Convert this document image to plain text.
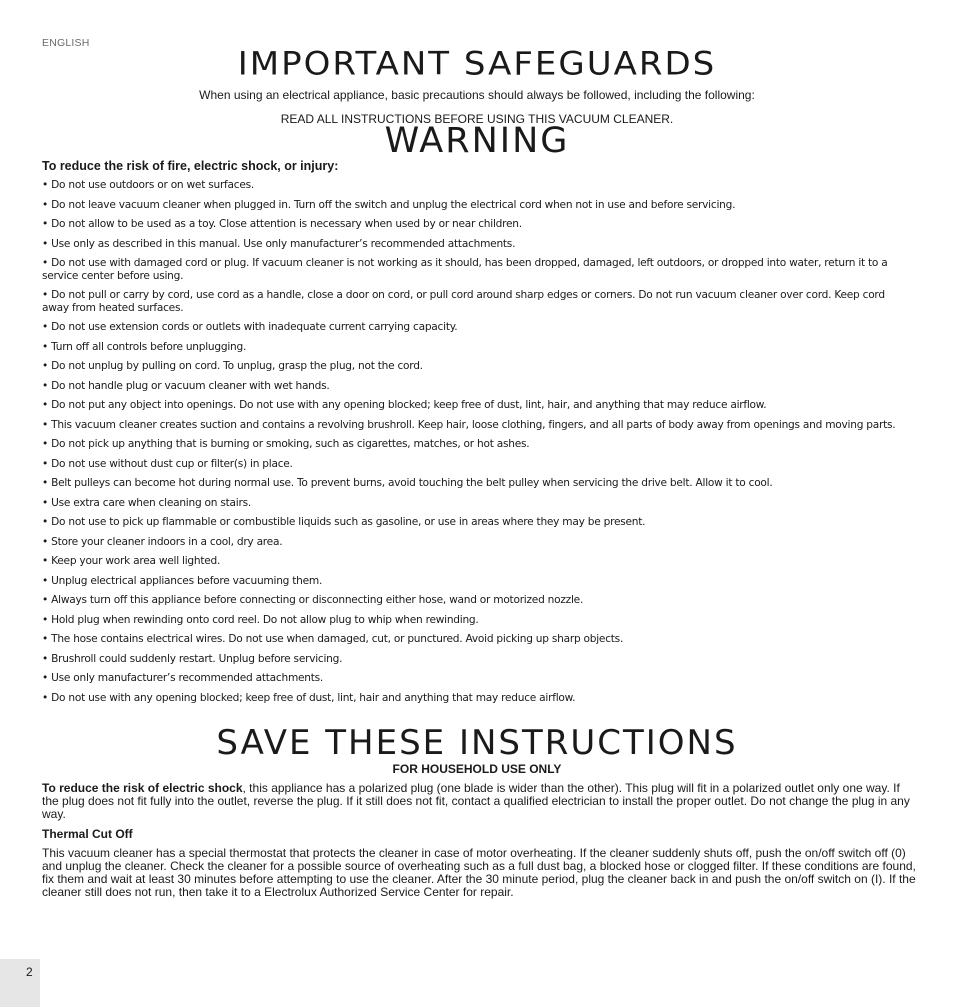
ENGLISH
IMPORTANT SAFEGUARDS
When using an electrical appliance, basic precautions should always be followed, including the following:
READ ALL INSTRUCTIONS BEFORE USING THIS VACUUM CLEANER.
WARNING
To reduce the risk of fire, electric shock, or injury:
• Do not use outdoors or on wet surfaces.
• Do not leave vacuum cleaner when plugged in. Turn off the switch and unplug the electrical cord when not in use and before servicing.
• Do not allow to be used as a toy. Close attention is necessary when used by or near children.
• Use only as described in this manual. Use only manufacturer’s recommended attachments.
• Do not use with damaged cord or plug. If vacuum cleaner is not working as it should, has been dropped, damaged, left outdoors, or dropped into water, return it to a service center before using.
• Do not pull or carry by cord, use cord as a handle, close a door on cord, or pull cord around sharp edges or corners. Do not run vacuum cleaner over cord. Keep cord away from heated surfaces.
• Do not use extension cords or outlets with inadequate current carrying capacity.
• Turn off all controls before unplugging.
• Do not unplug by pulling on cord. To unplug, grasp the plug, not the cord.
• Do not handle plug or vacuum cleaner with wet hands.
• Do not put any object into openings. Do not use with any opening blocked; keep free of dust, lint, hair, and anything that may reduce airflow.
• This vacuum cleaner creates suction and contains a revolving brushroll. Keep hair, loose clothing, fingers, and all parts of body away from openings and moving parts.
• Do not pick up anything that is burning or smoking, such as cigarettes, matches, or hot ashes.
• Do not use without dust cup or filter(s) in place.
• Belt pulleys can become hot during normal use. To prevent burns, avoid touching the belt pulley when servicing the drive belt. Allow it to cool.
• Use extra care when cleaning on stairs.
• Do not use to pick up flammable or combustible liquids such as gasoline, or use in areas where they may be present.
• Store your cleaner indoors in a cool, dry area.
• Keep your work area well lighted.
• Unplug electrical appliances before vacuuming them.
• Always turn off this appliance before connecting or disconnecting either hose, wand or motorized nozzle.
• Hold plug when rewinding onto cord reel. Do not allow plug to whip when rewinding.
• The hose contains electrical wires. Do not use when damaged, cut, or punctured. Avoid picking up sharp objects.
• Brushroll could suddenly restart. Unplug before servicing.
• Use only manufacturer’s recommended attachments.
• Do not use with any opening blocked; keep free of dust, lint, hair and anything that may reduce airflow.
SAVE THESE INSTRUCTIONS
FOR HOUSEHOLD USE ONLY

To reduce the risk of electric shock, this appliance has a polarized plug (one blade is wider than the other). This plug will fit in a polarized outlet only one way. If the plug does not fit fully into the outlet, reverse the plug. If it still does not fit, contact a qualified electrician to install the proper outlet. Do not change the plug in any way.

Thermal Cut Off

This vacuum cleaner has a special thermostat that protects the cleaner in case of motor overheating. If the cleaner suddenly shuts off, push the on/off switch off (0) and unplug the cleaner. Check the cleaner for a possible source of overheating such as a full dust bag, a blocked hose or clogged filter. If these conditions are found, fix them and wait at least 30 minutes before attempting to use the cleaner. After the 30 minute period, plug the cleaner back in and push the on/off switch on (I). If the cleaner still does not run, then take it to a Electrolux Authorized Service Center for repair.

2
